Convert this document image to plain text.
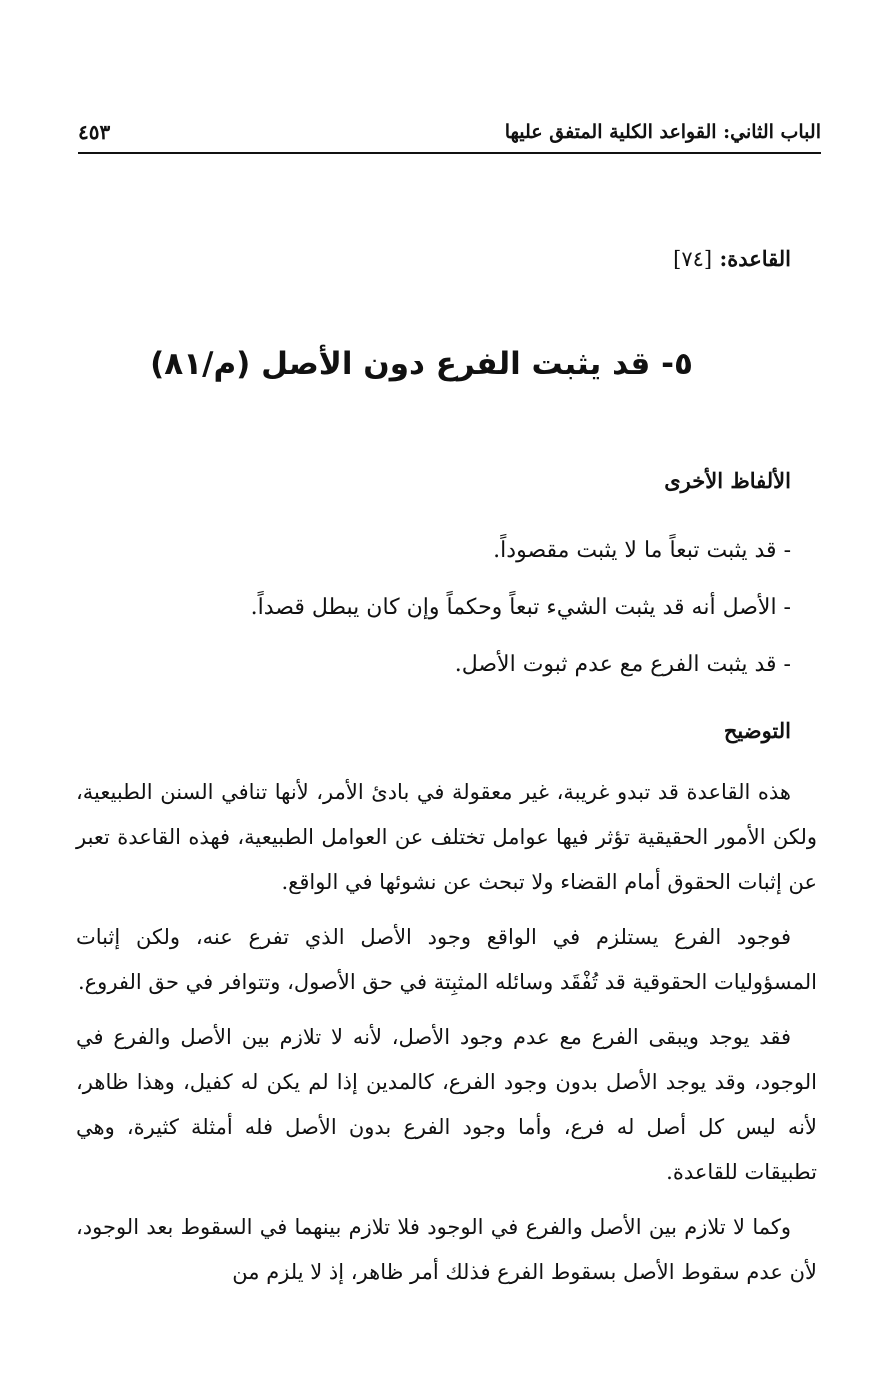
الباب الثاني: القواعد الكلية المتفق عليها
٤٥٣
القاعدة: [٧٤]
٥- قد يثبت الفرع دون الأصل (م/٨١)
الألفاظ الأخرى
- قد يثبت تبعاً ما لا يثبت مقصوداً.
- الأصل أنه قد يثبت الشيء تبعاً وحكماً وإن كان يبطل قصداً.
- قد يثبت الفرع مع عدم ثبوت الأصل.
التوضيح

هذه القاعدة قد تبدو غريبة، غير معقولة في بادئ الأمر، لأنها تنافي السنن الطبيعية، ولكن الأمور الحقيقية تؤثر فيها عوامل تختلف عن العوامل الطبيعية، فهذه القاعدة تعبر عن إثبات الحقوق أمام القضاء ولا تبحث عن نشوئها في الواقع.

فوجود الفرع يستلزم في الواقع وجود الأصل الذي تفرع عنه، ولكن إثبات المسؤوليات الحقوقية قد تُفْقَد وسائله المثبِتة في حق الأصول، وتتوافر في حق الفروع.

فقد يوجد ويبقى الفرع مع عدم وجود الأصل، لأنه لا تلازم بين الأصل والفرع في الوجود، وقد يوجد الأصل بدون وجود الفرع، كالمدين إذا لم يكن له كفيل، وهذا ظاهر، لأنه ليس كل أصل له فرع، وأما وجود الفرع بدون الأصل فله أمثلة كثيرة، وهي تطبيقات للقاعدة.

وكما لا تلازم بين الأصل والفرع في الوجود فلا تلازم بينهما في السقوط بعد الوجود، لأن عدم سقوط الأصل بسقوط الفرع فذلك أمر ظاهر، إذ لا يلزم من
